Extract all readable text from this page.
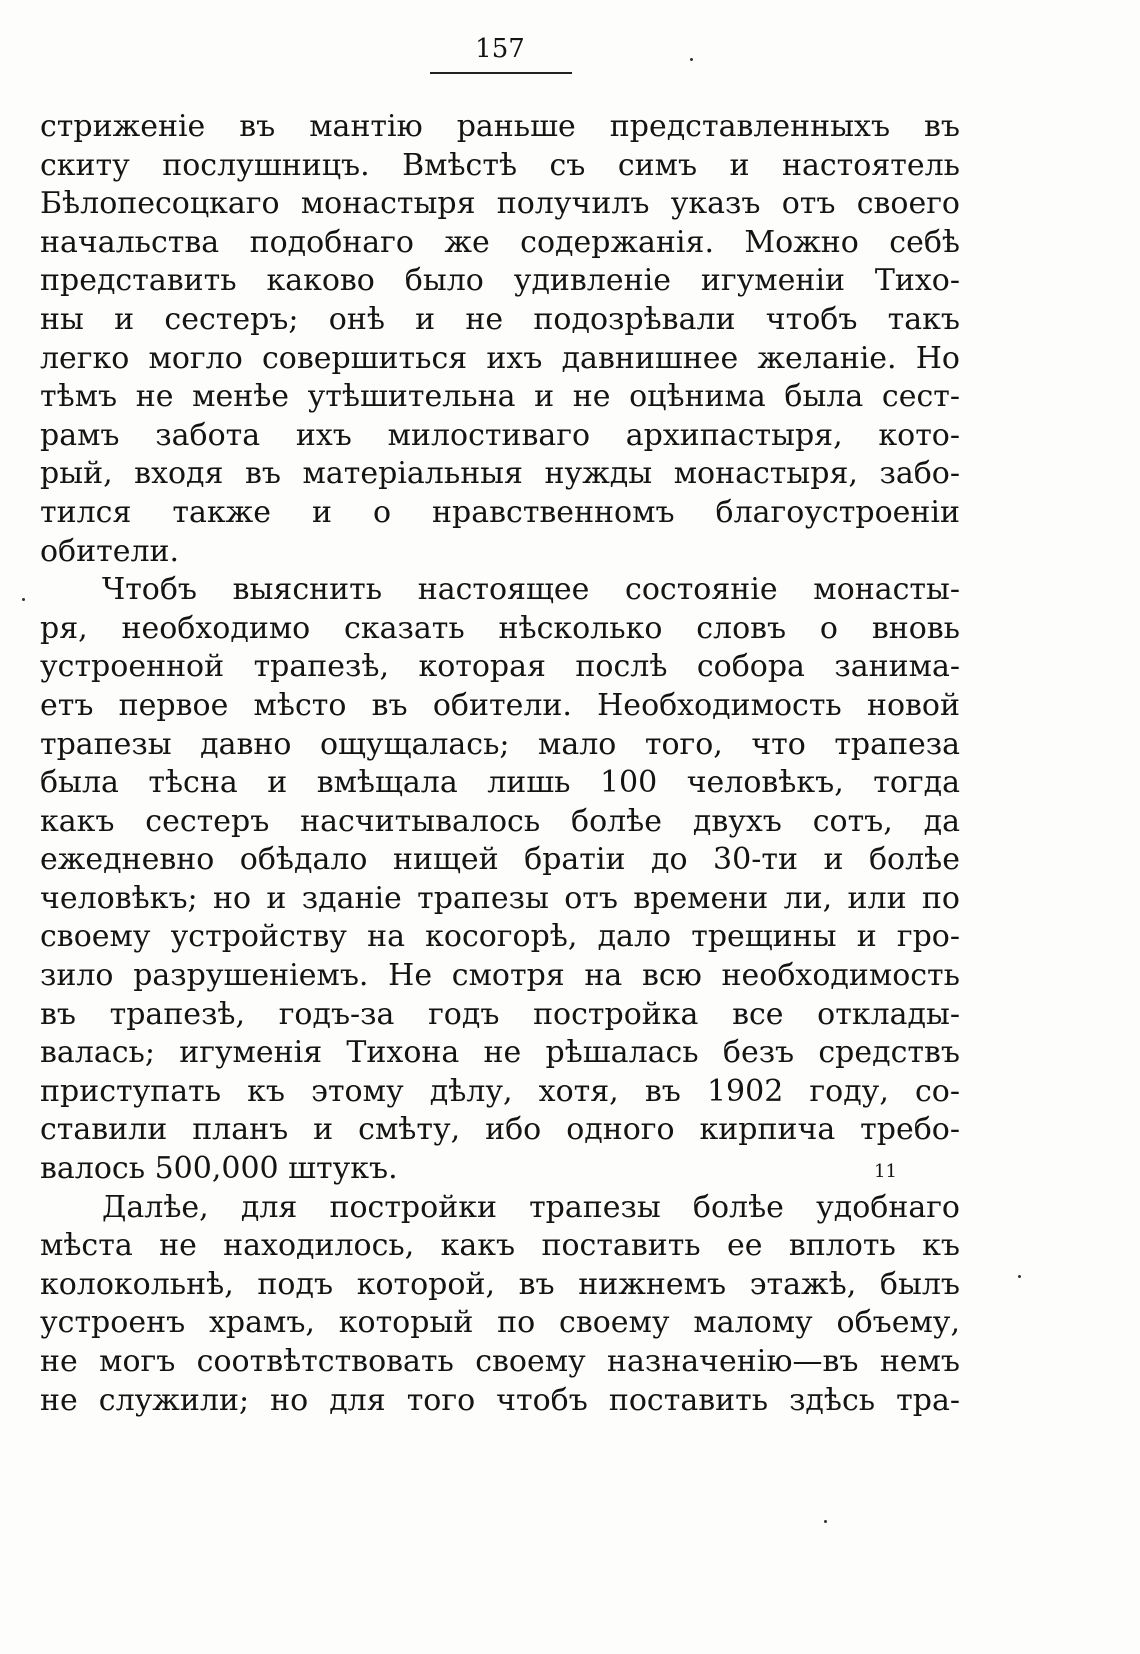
157
стриженіе въ мантію раньше представленныхъ въ
скиту послушницъ. Вмѣстѣ съ симъ и настоятель
Бѣлопесоцкаго монастыря получилъ указъ отъ своего
начальства подобнаго же содержанія. Можно себѣ
представить каково было удивленіе игуменіи Тихо-
ны и сестеръ; онѣ и не подозрѣвали чтобъ такъ
легко могло совершиться ихъ давнишнее желаніе. Но
тѣмъ не менѣе утѣшительна и не оцѣнима была сест-
рамъ забота ихъ милостиваго архипастыря, кото-
рый, входя въ матеріальныя нужды монастыря, забо-
тился также и о нравственномъ благоустроеніи
обители.
Чтобъ выяснить настоящее состояніе монасты-
ря, необходимо сказать нѣсколько словъ о вновь
устроенной трапезѣ, которая послѣ собора занима-
етъ первое мѣсто въ обители. Необходимость новой
трапезы давно ощущалась; мало того, что трапеза
была тѣсна и вмѣщала лишь 100 человѣкъ, тогда
какъ сестеръ насчитывалось болѣе двухъ сотъ, да
ежедневно обѣдало нищей братіи до 30-ти и болѣе
человѣкъ; но и зданіе трапезы отъ времени ли, или по
своему устройству на косогорѣ, дало трещины и гро-
зило разрушеніемъ. Не смотря на всю необходимость
въ трапезѣ, годъ-за годъ постройка все отклады-
валась; игуменія Тихона не рѣшалась безъ средствъ
приступать къ этому дѣлу, хотя, въ 1902 году, со-
ставили планъ и смѣту, ибо одного кирпича требо-
валось 500,000 штукъ.
Далѣе, для постройки трапезы болѣе удобнаго
мѣста не находилось, какъ поставить ее вплоть къ
колокольнѣ, подъ которой, въ нижнемъ этажѣ, былъ
устроенъ храмъ, который по своему малому объему,
не могъ соотвѣтствовать своему назначенію—въ немъ
не служили; но для того чтобъ поставить здѣсь тра-
11
